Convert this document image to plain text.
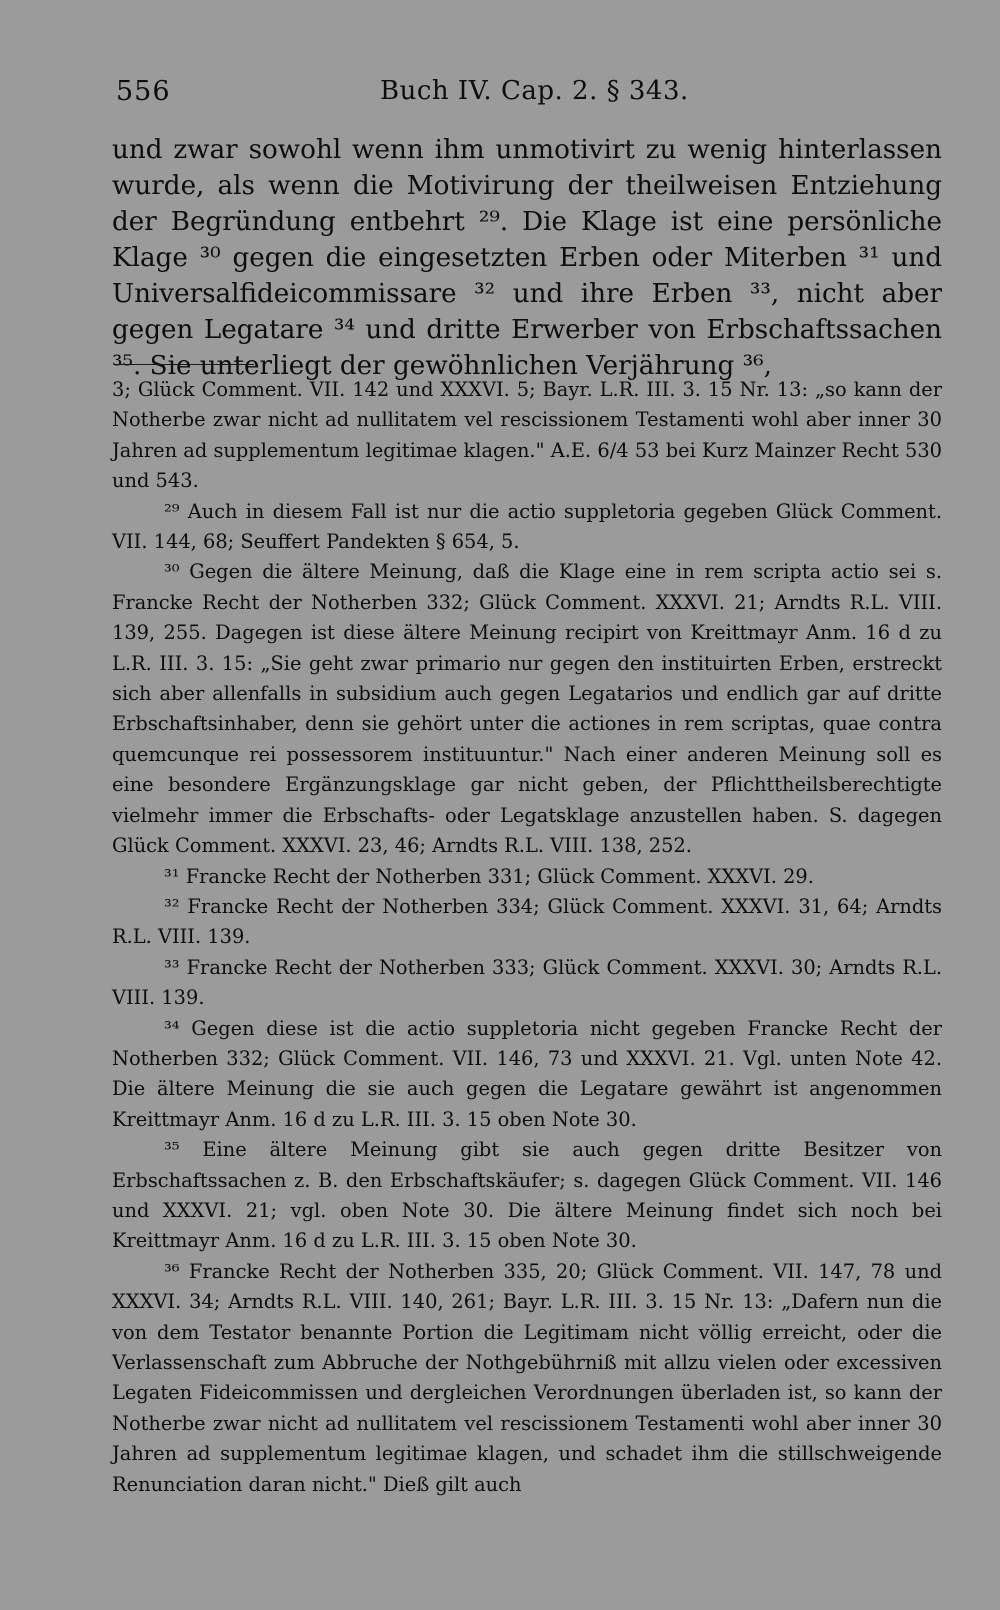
556	Buch IV. Cap. 2. § 343.

und zwar sowohl wenn ihm unmotivirt zu wenig hinterlassen wurde, als wenn die Motivirung der theilweisen Entziehung der Begründung entbehrt ²⁹. Die Klage ist eine persönliche Klage ³⁰ gegen die eingesetzten Erben oder Miterben ³¹ und Universalfideicommissare ³² und ihre Erben ³³, nicht aber gegen Legatare ³⁴ und dritte Erwerber von Erbschaftssachen ³⁵. Sie unterliegt der gewöhnlichen Verjährung ³⁶,

3; Glück Comment. VII. 142 und XXXVI. 5; Bayr. L.R. III. 3. 15 Nr. 13: „so kann der Notherbe zwar nicht ad nullitatem vel rescissionem Testamenti wohl aber inner 30 Jahren ad supplementum legitimae klagen." A.E. 6/4 53 bei Kurz Mainzer Recht 530 und 543.

²⁹ Auch in diesem Fall ist nur die actio suppletoria gegeben Glück Comment. VII. 144, 68; Seuffert Pandekten § 654, 5.

³⁰ Gegen die ältere Meinung, daß die Klage eine in rem scripta actio sei s. Francke Recht der Notherben 332; Glück Comment. XXXVI. 21; Arndts R.L. VIII. 139, 255. Dagegen ist diese ältere Meinung recipirt von Kreittmayr Anm. 16 d zu L.R. III. 3. 15: „Sie geht zwar primario nur gegen den instituirten Erben, erstreckt sich aber allenfalls in subsidium auch gegen Legatarios und endlich gar auf dritte Erbschaftsinhaber, denn sie gehört unter die actiones in rem scriptas, quae contra quemcunque rei possessorem instituuntur." Nach einer anderen Meinung soll es eine besondere Ergänzungsklage gar nicht geben, der Pflichttheilsberechtigte vielmehr immer die Erbschafts- oder Legatsklage anzustellen haben. S. dagegen Glück Comment. XXXVI. 23, 46; Arndts R.L. VIII. 138, 252.

³¹ Francke Recht der Notherben 331; Glück Comment. XXXVI. 29.

³² Francke Recht der Notherben 334; Glück Comment. XXXVI. 31, 64; Arndts R.L. VIII. 139.

³³ Francke Recht der Notherben 333; Glück Comment. XXXVI. 30; Arndts R.L. VIII. 139.

³⁴ Gegen diese ist die actio suppletoria nicht gegeben Francke Recht der Notherben 332; Glück Comment. VII. 146, 73 und XXXVI. 21. Vgl. unten Note 42. Die ältere Meinung die sie auch gegen die Legatare gewährt ist angenommen Kreittmayr Anm. 16 d zu L.R. III. 3. 15 oben Note 30.

³⁵ Eine ältere Meinung gibt sie auch gegen dritte Besitzer von Erbschaftssachen z. B. den Erbschaftskäufer; s. dagegen Glück Comment. VII. 146 und XXXVI. 21; vgl. oben Note 30. Die ältere Meinung findet sich noch bei Kreittmayr Anm. 16 d zu L.R. III. 3. 15 oben Note 30.

³⁶ Francke Recht der Notherben 335, 20; Glück Comment. VII. 147, 78 und XXXVI. 34; Arndts R.L. VIII. 140, 261; Bayr. L.R. III. 3. 15 Nr. 13: „Dafern nun die von dem Testator benannte Portion die Legitimam nicht völlig erreicht, oder die Verlassenschaft zum Abbruche der Nothgebührniß mit allzu vielen oder excessiven Legaten Fideicommissen und dergleichen Verordnungen überladen ist, so kann der Notherbe zwar nicht ad nullitatem vel rescissionem Testamenti wohl aber inner 30 Jahren ad supplementum legitimae klagen, und schadet ihm die stillschweigende Renunciation daran nicht." Dieß gilt auch
